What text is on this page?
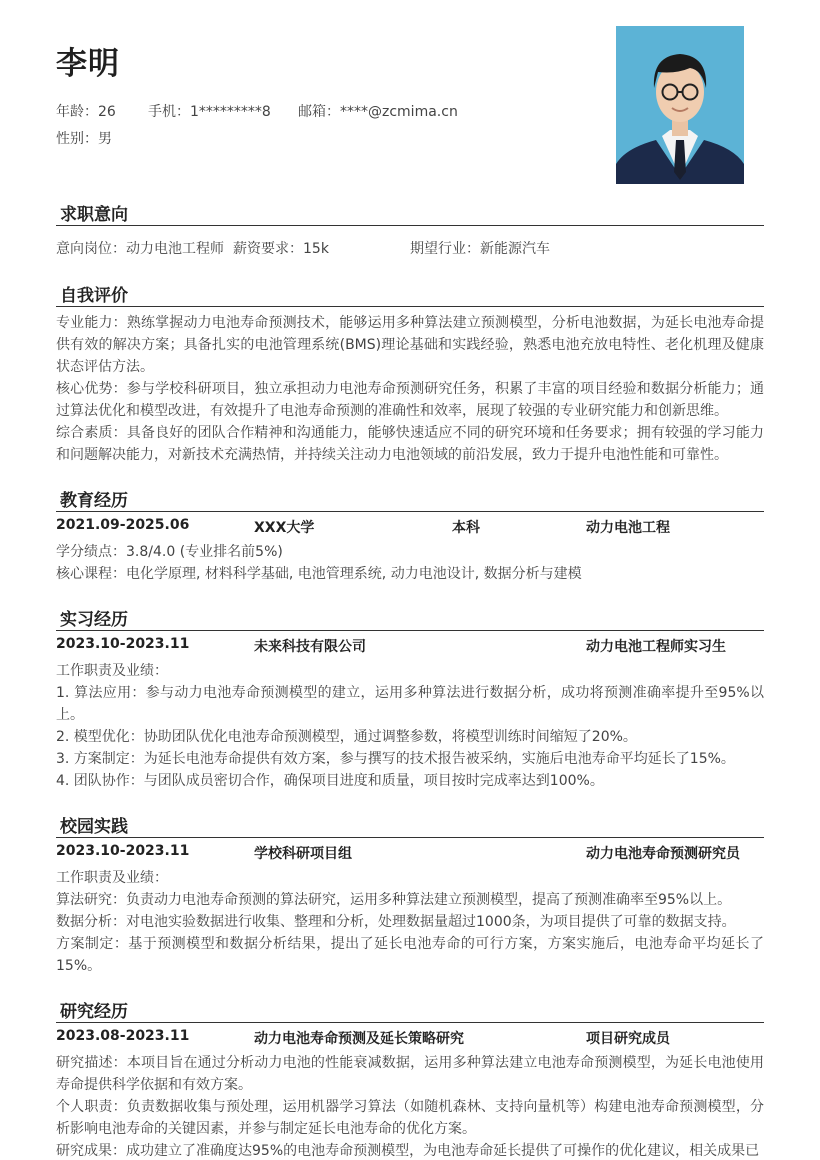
李明
年龄：26 手机：1*********8 邮箱：****@zcmima.cn
性别：男
求职意向
意向岗位：动力电池工程师 薪资要求：15k	期望行业：新能源汽车
自我评价
专业能力：熟练掌握动力电池寿命预测技术，能够运用多种算法建立预测模型，分析电池数据，为延长电池寿命提供有效的解决方案；具备扎实的电池管理系统(BMS)理论基础和实践经验，熟悉电池充放电特性、老化机理及健康状态评估方法。
核心优势：参与学校科研项目，独立承担动力电池寿命预测研究任务，积累了丰富的项目经验和数据分析能力；通过算法优化和模型改进，有效提升了电池寿命预测的准确性和效率，展现了较强的专业研究能力和创新思维。
综合素质：具备良好的团队合作精神和沟通能力，能够快速适应不同的研究环境和任务要求；拥有较强的学习能力和问题解决能力，对新技术充满热情，并持续关注动力电池领域的前沿发展，致力于提升电池性能和可靠性。
教育经历
2021.09-2025.06	XXX大学	本科	动力电池工程
学分绩点：3.8/4.0 (专业排名前5%)
核心课程：电化学原理, 材料科学基础, 电池管理系统, 动力电池设计, 数据分析与建模
实习经历
2023.10-2023.11	未来科技有限公司	动力电池工程师实习生
工作职责及业绩：
1. 算法应用：参与动力电池寿命预测模型的建立，运用多种算法进行数据分析，成功将预测准确率提升至95%以上。
2. 模型优化：协助团队优化电池寿命预测模型，通过调整参数，将模型训练时间缩短了20%。
3. 方案制定：为延长电池寿命提供有效方案，参与撰写的技术报告被采纳，实施后电池寿命平均延长了15%。
4. 团队协作：与团队成员密切合作，确保项目进度和质量，项目按时完成率达到100%。
校园实践
2023.10-2023.11	学校科研项目组	动力电池寿命预测研究员
工作职责及业绩：
算法研究：负责动力电池寿命预测的算法研究，运用多种算法建立预测模型，提高了预测准确率至95%以上。
数据分析：对电池实验数据进行收集、整理和分析，处理数据量超过1000条，为项目提供了可靠的数据支持。
方案制定：基于预测模型和数据分析结果，提出了延长电池寿命的可行方案，方案实施后，电池寿命平均延长了15%。
研究经历
2023.08-2023.11	动力电池寿命预测及延长策略研究	项目研究成员
研究描述：本项目旨在通过分析动力电池的性能衰减数据，运用多种算法建立电池寿命预测模型，为延长电池使用寿命提供科学依据和有效方案。
个人职责：负责数据收集与预处理，运用机器学习算法（如随机森林、支持向量机等）构建电池寿命预测模型，分析影响电池寿命的关键因素，并参与制定延长电池寿命的优化方案。
研究成果：成功建立了准确度达95%的电池寿命预测模型，为电池寿命延长提供了可操作的优化建议，相关成果已
